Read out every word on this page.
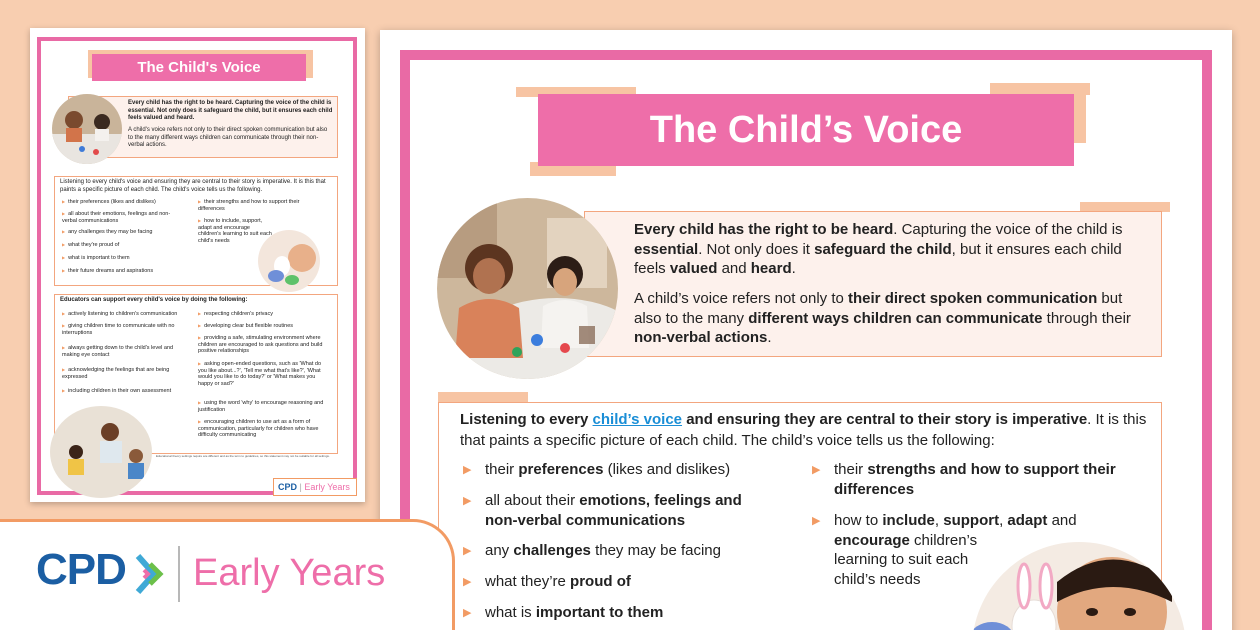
The Child's Voice
Every child has the right to be heard. Capturing the voice of the child is essential. Not only does it safeguard the child, but it ensures each child feels valued and heard.
A child's voice refers not only to their direct spoken communication but also to the many different ways children can communicate through their non-verbal actions.
Listening to every child's voice and ensuring they are central to their story is imperative. It is this that paints a specific picture of each child. The child's voice tells us the following.
▶ their preferences (likes and dislikes)
▶ all about their emotions, feelings and non-verbal communications
▶ any challenges they may be facing
▶ what they're proud of
▶ what is important to them
▶ their future dreams and aspirations
▶ their strengths and how to support their differences
▶ how to include, support, adapt and encourage children's learning to suit each child's needs
Educators can support every child's voice by doing the following:
▶ actively listening to children's communication
▶ giving children time to communicate with no interruptions
▶ always getting down to the child's level and making eye contact
▶ acknowledging the feelings that are being expressed
▶ including children in their own assessment
▶ respecting children's privacy
▶ developing clear but flexible routines
▶ providing a safe, stimulating environment where children are encouraged to ask questions and build positive relationships
▶ asking open-ended questions, such as 'What do you like about...?', 'Tell me what that's like?', 'What would you like to do today?' or 'What makes you happy or sad?'
▶ using the word 'why' to encourage reasoning and justification
▶ encouraging children to use art as a form of communication, particularly for children who have difficulty communicating
Educational theory settings require are different and as the term to guidelines, so this statement may not be suitable for all settings.
CPD | Early Years
The Child’s Voice

Every child has the right to be heard. Capturing the voice of the child is essential. Not only does it safeguard the child, but it ensures each child feels valued and heard.

A child’s voice refers not only to their direct spoken communication but also to the many different ways children can communicate through their non-verbal actions.

Listening to every child’s voice and ensuring they are central to their story is imperative. It is this that paints a specific picture of each child. The child’s voice tells us the following:

▶ their preferences (likes and dislikes)
▶ all about their emotions, feelings and
non-verbal communications
▶ any challenges they may be facing
▶ what they’re proud of
▶ what is important to them
▶ their strengths and how to support their
differences
▶ how to include, support, adapt and
encourage children’s
learning to suit each
child’s needs
CPD Early Years
